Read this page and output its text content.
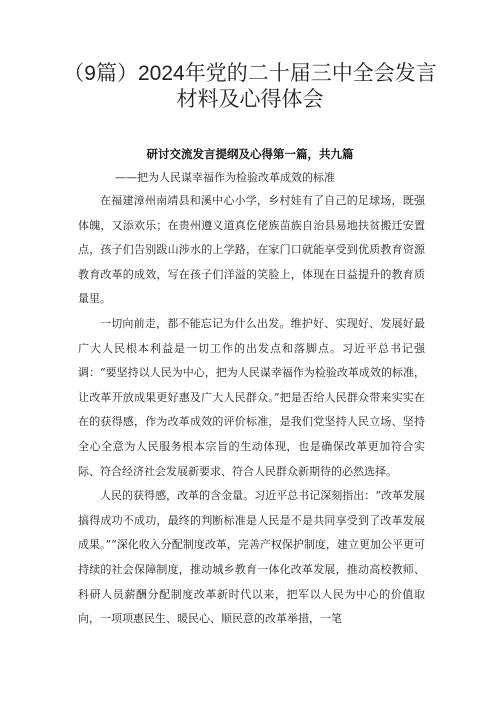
（9篇）2024年党的二十届三中全会发言
材料及心得体会
研讨交流发言提纲及心得第一篇，共九篇
——把为人民谋幸福作为检验改革成效的标准

在福建漳州南靖县和溪中心小学，乡村娃有了自己的足球场，既强体魄，又添欢乐；在贵州遵义道真仡佬族苗族自治县易地扶贫搬迁安置点，孩子们告别跋山涉水的上学路，在家门口就能享受到优质教育资源教育改革的成效，写在孩子们洋溢的笑脸上，体现在日益提升的教育质量里。

一切向前走，都不能忘记为什么出发。维护好、实现好、发展好最广大人民根本利益是一切工作的出发点和落脚点。习近平总书记强调：“要坚持以人民为中心，把为人民谋幸福作为检验改革成效的标准，让改革开放成果更好惠及广大人民群众。”把是否给人民群众带来实实在在的获得感，作为改革成效的评价标准，是我们党坚持人民立场、坚持全心全意为人民服务根本宗旨的生动体现，也是确保改革更加符合实际、符合经济社会发展新要求、符合人民群众新期待的必然选择。

人民的获得感，改革的含金量。习近平总书记深刻指出：“改革发展搞得成功不成功，最终的判断标准是人民是不是共同享受到了改革发展成果。”“深化收入分配制度改革，完善产权保护制度，建立更加公平更可持续的社会保障制度，推动城乡教育一体化改革发展，推动高校教师、科研人员薪酬分配制度改革新时代以来，把军以人民为中心的价值取向，一项项惠民生、暖民心、顺民意的改革举措，一笔
